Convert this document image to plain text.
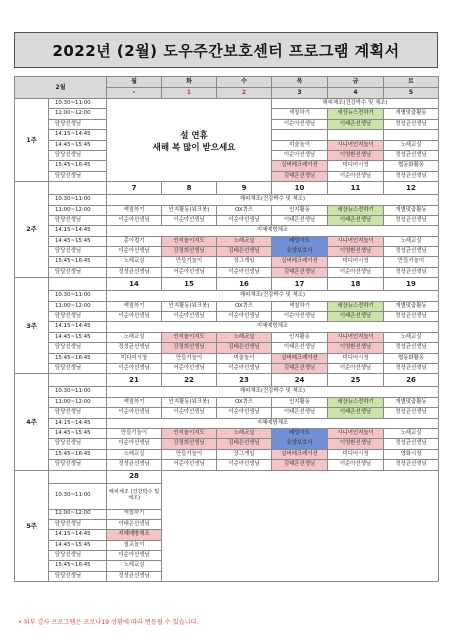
2022년 (2월) 도우주간보호센터 프로그램 계획서
2월		월	화	수	목	금	토
		-	1	2	3	4	5
1주	10:30~11:00				해피체조(건강박수 및 체조)		
	11:00~12:00				색칠하기	세상뉴스전하기	개별맞춤활동
	담당선생님				이순아선생님	이태은선생님	정성균선생님
	14:15~14:45						
	14:45~15:45				미술놀이	시니어인지놀이	노래교실
	담당선생님				이순아선생님	이영환선생님	정성균선생님
	15:45~16:45				실버레크레이션	미디어시청	협동화활동
	담당선생님				김태은선생님	이순아선생님	정성균선생님
2주		7	8	9	10	11	12
	10:30~11:00	해피체조(건강박수 및 체조)					
	11:00~12:00	색칠하기	인지활동(워크북)	OX퀴즈	인지활동	세상뉴스전하기	개별맞춤활동
	담당선생님	이순아선생님	이순아선생님	이순아선생님	이태은선생님	이태은선생님	정성균선생님
	14:15~14:45	지혜예방체조					
	14:45~15:45	종이접기	인지놀이지도	노래교실	레밍아트	시니어인지놀이	노래교실
	담당선생님	이순아선생님	강정희선생님	김태은선생님	요양보호사	이영환선생님	정성균선생님
	15:45~16:45	노래교실	만들기놀이	장그게임	실버레크레이션	미디어시청	만들기놀이
	담당선생님	정성균선생님	이순아선생님	이순아선생님	김태은선생님	이순아선생님	정성균선생님
3주		14	15	16	17	18	19
	10:30~11:00	해피체조(건강박수 및 체조)					
	11:00~12:00	색칠하기	인지활동(워크북)	OX퀴즈	색칠하기	세상뉴스전하기	개별맞춤활동
	담당선생님	이순아선생님	이순아선생님	이순아선생님	이순아선생님	이태은선생님	정성균선생님
	14:15~14:45	지혜예방체조					
	14:45~15:45	노래교실	인지놀이지도	노래교실	인지활동	시니어인지놀이	노래교실
	담당선생님	정성균선생님	강정희선생님	김태은선생님	이태은선생님	이영환선생님	정성균선생님
	15:45~16:45	미디어시청	만들기놀이	미술놀이	실버레크레이션	미디어시청	협동화활동
	담당선생님	이순아선생님	이순아선생님	이순아선생님	김태은선생님	이순아선생님	정성균선생님
4주		21	22	23	24	25	26
	10:30~11:00	해피체조(건강박수 및 체조)					
	11:00~12:00	색칠하기	인지활동(워크북)	OX퀴즈	인지활동	세상뉴스전하기	개별맞춤활동
	담당선생님	이순아선생님	이순아선생님	이순아선생님	이태은선생님	이태은선생님	정성균선생님
	14:15~14:45	지혜예방체조					
	14:45~15:45	만들기놀이	인지놀이지도	노래교실	레밍아트	시니어인지놀이	노래교실
	담당선생님	이순아선생님	강정희선생님	김태은선생님	요양보호사	이영환선생님	정성균선생님
	15:45~16:45	노래교실	만들기놀이	장그게임	실버레크레이션	미디어시청	영화시청
	담당선생님	정성균선생님	이순아선생님	이순아선생님	김태은선생님	이순아선생님	정성균선생님
5주		28					
	10:30~11:00	해피체조 (건강박수 및 체조)					
	11:00~12:00	색칠하기					
	담당선생님	이태은선생님					
	14:15~14:45	지혜예방체조					
	14:45~15:45	칠교놀이					
	담당선생님	이순아선생님					
	15:45~16:45	노래교실					
	담당선생님	정성균선생님					
설 연휴
새해 복 많이 받으세요
• 외부 강사 프로그램은 코로나19 상황에 따라 변동될 수 있습니다.
